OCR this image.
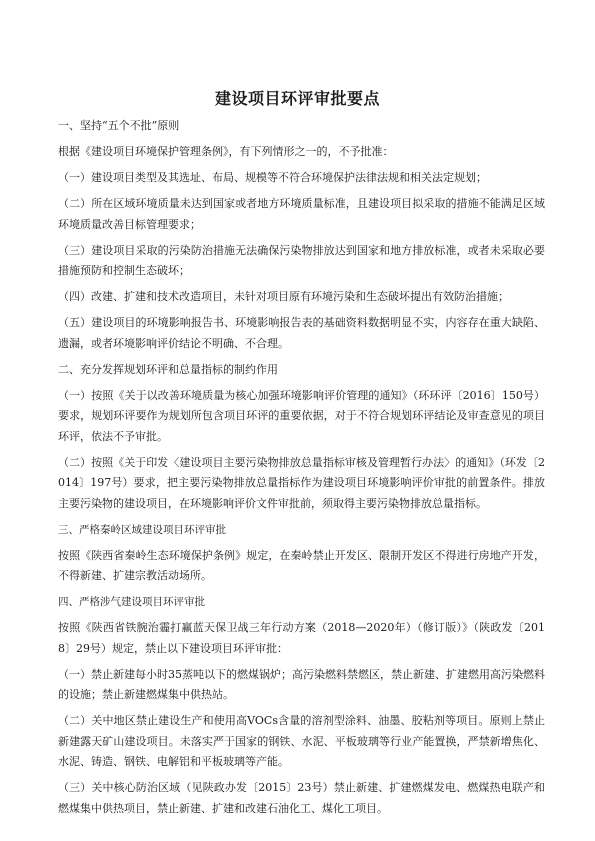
建设项目环评审批要点

一、坚持“五个不批”原则

根据《建设项目环境保护管理条例》，有下列情形之一的，不予批准：

（一）建设项目类型及其选址、布局、规模等不符合环境保护法律法规和相关法定规划；

（二）所在区域环境质量未达到国家或者地方环境质量标准，且建设项目拟采取的措施不能满足区域环境质量改善目标管理要求；

（三）建设项目采取的污染防治措施无法确保污染物排放达到国家和地方排放标准，或者未采取必要措施预防和控制生态破坏；

（四）改建、扩建和技术改造项目，未针对项目原有环境污染和生态破坏提出有效防治措施；

（五）建设项目的环境影响报告书、环境影响报告表的基础资料数据明显不实，内容存在重大缺陷、遗漏，或者环境影响评价结论不明确、不合理。

二、充分发挥规划环评和总量指标的制约作用

（一）按照《关于以改善环境质量为核心加强环境影响评价管理的通知》（环环评〔2016〕150号）要求，规划环评要作为规划所包含项目环评的重要依据，对于不符合规划环评结论及审查意见的项目环评，依法不予审批。

（二）按照《关于印发〈建设项目主要污染物排放总量指标审核及管理暂行办法〉的通知》（环发〔2014〕197号）要求，把主要污染物排放总量指标作为建设项目环境影响评价审批的前置条件。排放主要污染物的建设项目，在环境影响评价文件审批前，须取得主要污染物排放总量指标。

三、严格秦岭区域建设项目环评审批

按照《陕西省秦岭生态环境保护条例》规定，在秦岭禁止开发区、限制开发区不得进行房地产开发，不得新建、扩建宗教活动场所。

四、严格涉气建设项目环评审批

按照《陕西省铁腕治霾打赢蓝天保卫战三年行动方案（2018—2020年）（修订版）》（陕政发〔2018〕29号）规定，禁止以下建设项目环评审批：

（一）禁止新建每小时35蒸吨以下的燃煤锅炉；高污染燃料禁燃区，禁止新建、扩建燃用高污染燃料的设施；禁止新建燃煤集中供热站。

（二）关中地区禁止建设生产和使用高VOCs含量的溶剂型涂料、油墨、胶粘剂等项目。原则上禁止新建露天矿山建设项目。未落实严于国家的钢铁、水泥、平板玻璃等行业产能置换，严禁新增焦化、水泥、铸造、钢铁、电解铝和平板玻璃等产能。

（三）关中核心防治区域（见陕政办发〔2015〕23号）禁止新建、扩建燃煤发电、燃煤热电联产和燃煤集中供热项目，禁止新建、扩建和改建石油化工、煤化工项目。
